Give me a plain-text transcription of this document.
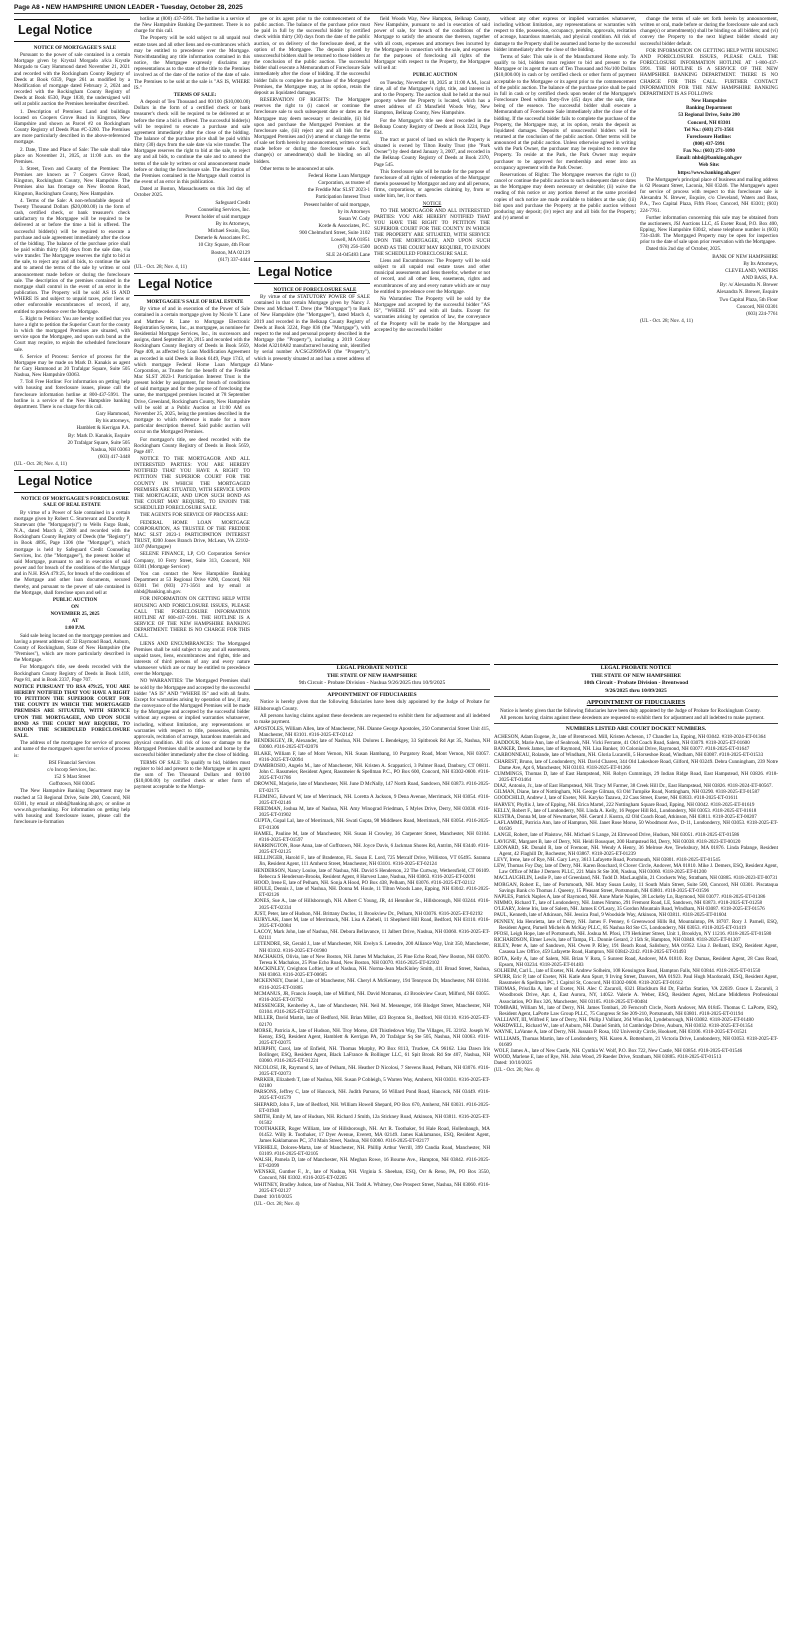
Page A8 • NEW HAMPSHIRE UNION LEADER • Tuesday, October 28, 2025
Legal Notice

NOTICE OF MORTGAGEE'S SALE

Pursuant to the power of sale contained in a certain Mortgage given by Krystal Morgado a/k/a Krystle Morgado to Gary Hammond dated November 21, 2021 and recorded with the Rockingham County Registry of Deeds at Book 6359, Page 261 as modified by a Modification of mortgage dated February 2, 2024 and recorded with the Rockingham County Registry of Deeds at Book 6530, Page 1830, the undersigned will sell at public auction the Premises hereinafter described.

1. Description of Premises: Land and buildings located on Coopers Grove Road in Kingston, New Hampshire and shown as Parcel #2 on Rockingham County Registry of Deeds Plan #C-3260. The Premises are more particularly described in the above-referenced mortgage.

2. Date, Time and Place of Sale: The sale shall take place on November 21, 2025, at 11:00 a.m. on the Premises.

3. Street, Town and County of the Premises: The Premises are known as 7 Coopers Grove Road, Kingston, Rockingham County, New Hampshire. The Premises also has frontage on New Boston Road, Kingston, Rockingham County, New Hampshire.

4. Terms of the Sale: A non-refundable deposit of Twenty Thousand Dollars ($20,000.00) in the form of cash, certified check, or bank treasurer's check satisfactory to the Mortgagee will be required to be delivered at or before the time a bid is offered. The successful bidder(s) will be required to execute a purchase and sale agreement immediately after the close of the bidding. The balance of the purchase price shall be paid within thirty (30) days from the sale date, via wire transfer. The Mortgagee reserves the right to bid at the sale, to reject any and all bids, to continue the sale and to amend the terms of the sale by written or oral announcement made before or during the foreclosure sale. The description of the premises contained in the mortgage shall control in the event of an error in the publication. The Property will be sold AS IS AND WHERE IS and subject to unpaid taxes, prior liens or other enforceable encumbrances of record, if any, entitled to precedence over the Mortgage.

5. Right to Petition: You are hereby notified that you have a right to petition the Superior Court for the county in which the mortgaged Premises are situated, with service upon the Mortgagee, and upon such bond as the Court may require, to enjoin the scheduled foreclosure sale.

6. Service of Process: Service of process for the Mortgagee may be made on Mark D. Kanakis as agent for Gary Hammond at 20 Trafalgar Square, Suite 505 Nashua, New Hampshire 03063.

7. Toll Free Hotline: For information on getting help with housing and foreclosure issues, please call the foreclosure information hotline at 800-437-5991. The hotline is a service of the New Hampshire banking department. There is no charge for this call.

Gary Hammond,

By his attorneys,

Hamblett & Kerrigan P.A.

By: Mark D. Kanakis, Esquire

20 Trafalgar Square, Suite 505

Nashua, NH 03063

(603) 417-3448

(UL - Oct. 28; Nov. 4, 11)

Legal Notice

NOTICE OF MORTGAGEE'S FORECLOSURE SALE OF REAL ESTATE

By virtue of a Power of Sale contained in a certain mortgage given by Robert C. Sturtevant and Dorothy P. Sturtevant (the "Mortgagor(s)") to Wells Fargo Bank, N.A., dated March 4, 2008 and recorded with the Rockingham County Registry of Deeds (the "Registry") in Book 4895, Page 1306 (the "Mortgage"), which mortgage is held by Safeguard Credit Counseling Services, Inc. (the "Mortgagee"), the present holder of said Mortgage, pursuant to and in execution of said power and for breach of the conditions of the Mortgage and in N.H. RSA 479:25, for breach of the conditions of the Mortgage and other loan documents, secured thereby, and pursuant to the power of sale contained in the Mortgage, shall foreclose upon and sell at

PUBLIC AUCTION

ON

NOVEMBER 25, 2025

AT

1:00 P.M.

Said sale being located on the mortgage premises and having a present address of: 32 Raymond Road, Auburn, County of Rockingham, State of New Hampshire (the "Premises"), which are more particularly described in the Mortgage.

For Mortgagor's title, see deeds recorded with the Rockingham County Registry of Deeds in Book 1418, Page 81, and in Book 2337, Page 707.

NOTICE PURSUANT TO RSA 479:25, YOU ARE HEREBY NOTIFIED THAT YOU HAVE A RIGHT TO PETITION THE SUPERIOR COURT FOR THE COUNTY IN WHICH THE MORTGAGED PREMISES ARE SITUATED, WITH SERVICE UPON THE MORTGAGEE, AND UPON SUCH BOND AS THE COURT MAY REQUIRE, TO ENJOIN THE SCHEDULED FORECLOSURE SALE.

The address of the mortgagee for service of process and name of the mortgagee's agent for service of process is:

BSI Financial Services

c/o Incorp Services, Inc.

152 S Mast Street

Goffstown, NH 03045

The New Hampshire Banking Department may be reached at 53 Regional Drive, Suite 200, Concord, NH 03301, by email at nhbd@banking.nh.gov, or online at www.nh.gov/banking. For information on getting help with housing and foreclosure issues, please call the foreclosure in-formation

hotline at (800) 437-5991. The hotline is a service of the New Hampshire Banking De-partment. There is no charge for this call.

The Property will be sold subject to all unpaid real estate taxes and all other liens and en-cumbrances which may be entitled to precedence over the Mortgage. Notwithstanding any title information contained in this notice, the Mortgagee expressly disclaims any representations as to the state of the title to the Premises involved as of the date of the notice of the date of sale. The Premises to be sold at the sale is "AS IS, WHERE IS."

TERMS OF SALE:

A deposit of Ten Thousand and 00/100 ($10,000.00) Dollars in the form of a certified check or bank treasurer's check will be required to be delivered at or before the time a bid is offered. The successful bidder(s) will be required to execute a purchase and sale agreement immediately after the close of the bidding. The balance of the purchase price shall be paid within thirty (30) days from the sale date via wire transfer. The Mortgagee reserves the right to bid at the sale, to reject any and all bids, to continue the sale and to amend the terms of the sale by written or oral announcement made before or during the foreclosure sale. The description of the Premises contained in the Mortgage shall control in the event of an error in this publication.

Dated at Boston, Massachusetts on this 3rd day of October 2025.

Safeguard Credit

Counseling Services, Inc.

Present holder of said mortgage

By its Attorneys,

Michael Swain, Esq.

Demerle & Associates P.C.

10 City Square, 4th Floor

Boston, MA 02129

(617) 337-4444

(UL - Oct. 28; Nov. 4, 11)

Legal Notice

MORTGAGEE'S SALE OF REAL ESTATE

By virtue of and in execution of the Power of Sale contained in a certain mortgage given by Nicole Y. Lane and Matthew R. Lane to Mortgage Electronic Registration Systems, Inc., as mortgagee, as nominee for Residential Mortgage Services, Inc., its successors and assigns, dated September 30, 2015 and recorded with the Rockingham County Registry of Deeds in Book 5659, Page 409, as affected by Loan Modification Agreement as recorded in said Deeds in Book 6149, Page 1743, of which mortgage Federal Home Loan Mortgage Corporation, as Trustee for the benefit of the Freddie Mac SLST 2023-1 Participation Interest Trust is the present holder by assignment, for breach of conditions of said mortgage and for the purpose of foreclosing the same, the mortgaged premises located at 78 September Drive, Greenland, Rockingham County, New Hampshire will be sold at a Public Auction at 11:00 AM on November 25, 2025, being the premises described in the mortgage to which reference is made for a more particular description thereof. Said public auction will occur on the Mortgaged Premises.

For mortgagor's title, see deed recorded with the Rockingham County Registry of Deeds in Book 5659, Page 407.

NOTICE TO THE MORTGAGOR AND ALL INTERESTED PARTIES: YOU ARE HEREBY NOTIFIED THAT YOU HAVE A RIGHT TO PETITION THE SUPERIOR COURT FOR THE COUNTY IN WHICH THE MORTGAGED PREMISES ARE SITUATED, WITH SERVICE UPON THE MORTGAGEE, AND UPON SUCH BOND AS THE COURT MAY REQUIRE, TO ENJOIN THE SCHEDULED FORECLOSURE SALE.

THE AGENTS FOR SERVICE OF PROCESS ARE:

FEDERAL HOME LOAN MORTGAGE CORPORATION, AS TRUSTEE OF THE FREDDIE MAC SLST 2023-1 PARTICIPATION INTEREST TRUST, 8200 Jones Branch Drive, McLean, VA 22102-3107 (Mortgagee)

SELENE FINANCE, LP, C/O Corporation Service Company, 10 Ferry Street, Suite 313, Concord, NH 03301 (Mortgage Servicer)

You can contact the New Hampshire Banking Department at 53 Regional Drive #200, Concord, NH 03301 Tel (603) 271-3561 and by email at nhbd@banking.nh.gov.

FOR INFORMATION ON GETTING HELP WITH HOUSING AND FORECLOSURE ISSUES, PLEASE CALL THE FORECLOSURE INFORMATION HOTLINE AT 800-437-5991. THE HOTLINE IS A SERVICE OF THE NEW HAMPSHIRE BANKING DEPARTMENT. THERE IS NO CHARGE FOR THIS CALL.

LIENS AND ENCUMBRANCES: The Mortgaged Premises shall be sold subject to any and all easements, unpaid taxes, liens, encumbrances and rights, title and interests of third persons of any and every nature whatsoever which are or may be entitled to precedence over the Mortgage.

NO WARRANTIES: The Mortgaged Premises shall be sold by the Mortgagee and accepted by the successful bidder "AS IS" AND "WHERE IS" and with all faults. Except for warranties arising by operation of law, if any, the conveyance of the Mortgaged Premises will be made by the Mortgagee and accepted by the successful bidder without any express or implied warranties whatsoever, including, without limitation, any representations or warranties with respect to title, possession, permits, approvals, recitation of acreage, hazardous materials and physical condition. All risk of loss or damage to the Mortgaged Premises shall be assumed and borne by the successful bidder immediately after the close of bidding.

TERMS OF SALE: To qualify to bid, bidders must register to bid and present to the Mortgagee or its agent the sum of Ten Thousand Dollars and 00/100 ($10,000.00) by certified check or other form of payment acceptable to the Mortga-

gee or its agent prior to the commencement of the public auction. The balance of the purchase price must be paid in full by the successful bidder by certified check within thirty (30) days from the date of the public auction, or on delivery of the foreclosure deed, at the option of the Mortgagee. The deposits placed by unsuccessful bidders shall be returned to those bidders at the conclusion of the public auction. The successful bidder shall execute a Memorandum of Foreclosure Sale immediately after the close of bidding. If the successful bidder fails to complete the purchase of the Mortgaged Premises, the Mortgagee may, at its option, retain the deposit as liquidated damages.

RESERVATION OF RIGHTS: The Mortgagee reserves the right to (i) cancel or continue the foreclosure sale to such subsequent date or dates as the Mortgagee may deem necessary or desirable, (ii) bid upon and purchase the Mortgaged Premises at the foreclosure sale, (iii) reject any and all bids for the Mortgaged Premises and (iv) amend or change the terms of sale set forth herein by announcement, written or oral, made before or during the foreclosure sale. Such change(s) or amendment(s) shall be binding on all bidders.

Other terms to be announced at sale.

Federal Home Loan Mortgage

Corporation, as trustee of

the Freddie Mac SLST 2023-1

Participation Interest Trust

Present holder of said mortgage,

by its Attorneys

Susan W. Cody

Korde & Associates, P.C.

900 Chelmsford Street, Suite 3102

Lowell, MA 01851

(978) 256-1500

SLE 24-045483 Lane

Legal Notice

NOTICE OF FORECLOSURE SALE

By virtue of the STATUTORY POWER OF SALE contained in that certain Mortgage given by Nancy J. Drew and Michael T. Drew (the "Mortgagor") to Bank of New Hampshire (the "Mortgagee"), dated March 4, 2019 and recorded in the Belknap County Registry of Deeds at Book 3224, Page 836 (the "Mortgage"), with respect to the real and personal property described in the Mortgage (the "Property"), including a 2019 Colony Model A3210A82 manufactured housing unit, identified by serial number A/CSG29909A/B (the "Property"), which is presently situated at and has a street address of 43 Mans-

field Woods Way, New Hampton, Belknap County, New Hampshire, pursuant to and in execution of said power of sale, for breach of the conditions of the Mortgage to satisfy the amounts due thereon, together with all costs, expenses and attorneys fees incurred by the Mortgagee in connection with the sale, and expenses for the purposes of foreclosing all rights of the Mortgagor with respect to the Property, the Mortgagee will sell at:

PUBLIC AUCTION

on Tuesday, November 18, 2025 at 11:00 A.M., local time, all of the Mortgagee's right, title, and interest in and to the Property. The auction shall be held at the real property where the Property is located, which has a street address of 43 Mansfield Woods Way, New Hampton, Belknap County, New Hampshire.

For the Mortgagor's title see deed recorded in the Belknap County Registry of Deeds at Book 3224, Page 834.

The tract or parcel of land on which the Property is situated is owned by Tilton Realty Trust (the "Park Owner") by deed dated January 3, 2007, and recorded in the Belknap County Registry of Deeds at Book 2370, Page 545.

This foreclosure sale will be made for the purpose of foreclosure of all rights of redemption of the Mortgagor therein possessed by Mortgagor and any and all persons, firms, corporations, or agencies claiming by, from or under him, her, it or them.

NOTICE

TO THE MORTGAGOR AND ALL INTERESTED PARTIES: YOU ARE HEREBY NOTIFIED THAT YOU HAVE THE RIGHT TO PETITION THE SUPERIOR COURT FOR THE COUNTY IN WHICH THE PROPERTY ARE SITUATED, WITH SERVICE UPON THE MORTGAGEE, AND UPON SUCH BOND AS THE COURT MAY REQUIRE, TO ENJOIN THE SCHEDULED FORECLOSURE SALE.

Liens and Encumbrances: The Property will be sold subject to all unpaid real estate taxes and other municipal assessments and liens therefor, whether or not of record, and all other liens, easements, rights and encumbrances of any and every nature which are or may be entitled to precedence over the Mortgage.

No Warranties: The Property will be sold by the Mortgagee and accepted by the successful bidder "AS IS", "WHERE IS" and with all faults. Except for warranties arising by operation of law, the conveyance of the Property will be made by the Mortgagee and accepted by the successful bidder

without any other express or implied warranties whatsoever, including without limitation, any representations or warranties with respect to title, possession, occupancy, permits, approvals, recitation of acreage, hazardous materials, and physical condition. All risk of damage to the Property shall be assumed and borne by the successful bidder immediately after the close of the bidding.

Terms of Sale: This sale is of the Manufactured Home only. To qualify to bid, bidders must register to bid and present to the Mortgagee or its agent the sum of Ten Thousand and No/100 Dollars ($10,000.00) in cash or by certified check or other form of payment acceptable to the Mortgagee or its agent prior to the commencement of the public auction. The balance of the purchase price shall be paid in full in cash or by certified check upon tender of the Mortgagee's Foreclosure Deed within forty-five (45) days after the sale, time being of the essence. The successful bidder shall execute a Memorandum of Foreclosure Sale immediately after the close of the bidding. If the successful bidder fails to complete the purchase of the Property, the Mortgagee may, at its option, retain the deposit as liquidated damages. Deposits of unsuccessful bidders will be returned at the conclusion of the public auction. Other terms will be announced at the public auction. Unless otherwise agreed in writing with the Park Owner, the purchaser may be required to remove the Property. To reside at the Park, the Park Owner may require purchaser to be approved for membership and enter into an occupancy agreement with the Park Owner.

Reservations of Rights: The Mortgagee reserves the right to (i) cancel or continue the public auction to such subsequent date or dates as the Mortgagee may deem necessary or desirable; (ii) waive the reading of this notice or any portion thereof at the same provided copies of such notice are made available to bidders at the sale; (iii) bid upon and purchase the Property at the public auction without producing any deposit; (iv) reject any and all bids for the Property; and (v) amend or

change the terms of sale set forth herein by announcement, written or oral, made before or during the foreclosure sale and such change(s) or amendment(s) shall be binding on all bidders; and (vi) convey the Property to the next highest bidder should any successful bidder default.

FOR INFORMATION ON GETTING HELP WITH HOUSING AND FORECLOSURE ISSUES, PLEASE CALL THE FORECLOSURE INFORMATION HOTLINE AT 1-800-437-5991. THE HOTLINE IS A SERVICE OF THE NEW HAMPSHIRE BANKING DEPARTMENT. THERE IS NO CHARGE FOR THIS CALL. FURTHER CONTACT INFORMATION FOR THE NEW HAMPSHIRE BANKING DEPARTMENT IS AS FOLLOWS:

New Hampshire

Banking Department

53 Regional Drive, Suite 200

Concord, NH 03301

Tel No.: (603) 271-3561

Foreclosure Hotline:

(800) 437-5991

Fax No.: (603) 271-1090

Email: nhbd@banking.nh.gov

Web Site:

https://www.banking.nh.gov/

The Mortgagee's principal place of business and mailing address is 62 Pleasant Street, Laconia, NH 03246. The Mortgagee's agent for service of process with respect to this foreclosure sale is Alexandra N. Brewer, Esquire, c/o Cleveland, Waters and Bass, P.A., Two Capital Plaza, Fifth Floor, Concord, NH 03301; (603) 224-7761.

Further information concerning this sale may be obtained from the auctioneers, JSJ Auctions LLC, 45 Exeter Road, P.O. Box 400, Epping, New Hampshire 03042, whose telephone number is (603) 734-4348. The Mortgaged Property may be open for inspection prior to the date of sale upon prior reservation with the Mortgagee.

Dated this 2nd day of October, 2025.

BANK OF NEW HAMPSHIRE

By Its Attorneys,

CLEVELAND, WATERS

AND BASS, P.A.

By: /s/ Alexandra N. Brewer

Alexandra N. Brewer, Esquire

Two Capital Plaza, 5th Floor

Concord, NH 03301

(603) 224-7761

(UL - Oct. 28; Nov. 4, 11)

LEGAL PROBATE NOTICE

THE STATE OF NEW HAMPSHIRE

9th Circuit - Probate Division - Nashua 9/26/2025 thru 10/9/2025

APPOINTMENT OF FIDUCIARIES

Notice is hereby given that the following fiduciaries have been duly appointed by the Judge of Probate for Hillsborough County.

All persons having claims against these decedents are requested to exhibit them for adjustment and all indebted to make payment.

APOSTOLES, William Allen, late of Manchester, NH. Dianne George Apostoles, 250 Commercial Street Unit 415, Manchester, NH 03101. #316-2025-ET-02142
BENDEKGEY, JR, Alexander, late of Nashua, NH. Dolores L Bendekgey, 33 Spitbrook Rd Apt 35, Nashua, NH 03060. #316-2025-ET-02076
BLAKE, William F, late of Mont Vernon, NH. Susan Hambang, 10 Purgatory Road, Mont Vernon, NH 03057. #316-2025-ET-02094
D'AMBROSIO, Angelo M., late of Manchester, NH. Kristen A. Scappaticci, 3 Palmer Road, Danbury, CT 06811. John C. Rassmeier, Resident Agent, Rassmeier & Spellman P.C., PO Box 600, Concord, NH 03302-0600. #316-2025-ET-01786
DROWNE, Marjorie, late of Manchester, NH. June D McNally, 147 North Road, Sandown, NH 03873. #316-2025-ET-02175
FLEMING, Edward W, late of Merrimack, NH. Loretta A Jackson, 9 Dena Avenue, Merrimack, NH 03054. #316-2025-ET-02146
FRIEDMAN, Joshua M, late of Nashua, NH. Amy Winograd Friedman, 5 Myles Drive, Derry, NH 03038. #316-2025-ET-01902
GUPTA, Gopal Lal, late of Merrimack, NH. Swati Gupta, 98 Middlesex Road, Merrimack, NH 03054. #316-2025-ET-01306
HAMEL, Pauline M, late of Manchester, NH. Susan H Crowley, 36 Carpenter Street, Manchester, NH 03104. #316-2025-ET-01597
HARRINGTON, Rose Anna, late of Goffstown, NH. Joyce Davis, 6 Jackman Shores Rd, Antrim, NH 03440. #316-2025-ET-02125
HELLINGER, Harold F., late of Bradenton, FL. Susan E. Lord, 725 Metcalf Drive, Williston, VT 05495. Saranna Jin, Resident Agent, 111 Amherst Street, Manchester, NH 03101. #316-2025-ET-02124
HENDERSON, Nancy Louise, late of Nashua, NH. David S Henderson, 22 The Curtway, Wethersfield, CT 06109. Rebecca S Henderson-Brooks, Resident Agent, 8 Harvest Lane, Nashua, NH 03063. #316-2025-ET-02091
HOOD, Irene E, late of Pelham, NH. Sonja A Hood, PO Box 438, Pelham, NH 03076. #316-2025-ET-02112
HOULE, Dennis J., late of Nashua, NH. Donna M. Houle, 11 Tilton Woods Lane, Epping, NH 03042. #316-2025-ET-02126
JONES, Sue A., late of Hillsborough, NH. Albert C Young, JR, 44 Henniker St., Hillsborough, NH 03244. #316-2025-ET-02334
JUST, Peter, late of Hudson, NH. Brittany Duclos, 11 Brookview Dr., Pelham, NH 03076. #316-2025-ET-02192
KURYLAK, Janet M, late of Merrimack, NH. Lisa A Ziebell, 11 Shepherd Hill Road, Bedford, NH 03110. #316-2025-ET-02084
LACOY, Mark John, late of Nashua, NH. Debora Bellavance, 11 Jalbert Drive, Nashua, NH 03060. #316-2025-ET-02111
LETENDRE, SR, Gerald J., late of Manchester, NH. Evelyn S. Letendre, 200 Alliance Way, Unit 350, Manchester, NH 03102. #316-2025-ET-01980
MACHAKOS, Olivia, late of New Boston, NH. James M Machakos, 25 Pine Echo Road, New Boston, NH 03070. Teresa K Machakos, 25 Pine Echo Road, New Boston, NH 03070. #316-2025-ET-02102
MACKINLEY, Creighton Loftier, late of Nashua, NH. Norma-Jean MacKinley Smith, 411 Broad Street, Nashua, NH 03063. #316-2025-ET-00605
MCKENNEY, Daniel J., late of Manchester, NH. Cheryl A McKenney, 194 Tennyson Dr, Manchester, NH 03104. #316-2025-ET-01885
MCMANUS, JR, Francis Joseph, late of Milford, NH. David Mcmanus, 43 Brookview Court, Milford, NH 03055. #316-2025-ET-01792
MESSENGER, Kenberley A., late of Manchester, NH. Neil M. Messenger, 166 Blodget Street, Manchester, NH 03104. #316-2025-ET-02138
MILLER, David Martin, late of Bedford, NH. Brian Miller, 423 Boynton St., Bedford, NH 03110. #316-2025-ET-02170
MORSE, Patricia A., late of Hudson, NH. Troy Morse, 420 Thistledown Way, The Villages, FL 32162. Joseph W. Kenny, ESQ, Resident Agent, Hamblett & Kerrigan PA, 20 Trafalgar Sq Ste 505, Nashua, NH 03063. #316-2025-ET-02075
MURPHY, Carol, late of Enfield, NH. Thomas Murphy, PO Box 8113, Truckee, CA 96162. Lisa Dawn Iris Bollinger, ESQ, Resident Agent, Black LaFrance & Bollinger LLC, 61 Spit Brook Rd Ste 407, Nashua, NH 03060. #316-2025-ET-01224
NICOLOSI, JR, Raymond S, late of Pelham, NH. Heather D Nicolosi, 7 Stevens Road, Pelham, NH 03076. #316-2025-ET-02073
PARKER, Elizabeth T, late of Nashua, NH. Susan P Cobleigh, 5 Warren Way, Amherst, NH 03031. #316-2025-ET-02180
PARSONS, Jeffrey C, late of Hancock, NH. Judith Parsons, 56 Willard Pond Road, Hancock, NH 03449. #316-2025-ET-01579
SHEPARD, John F., late of Bedford, NH. William Howell Shepard, PO Box 670, Amherst, NH 03031. #316-2025-ET-01940
SMITH, Emily M, late of Hudson, NH. Richard J Smith, 12a Stickney Road, Atkinson, NH 03811. #316-2025-ET-01502
TOOTHAKER, Roger William, late of Hillsborough, NH. Art R. Toothaker, 94 Hale Road, Hollenbaugh, MA 01452. Willy R. Toothaker, 17 Dyer Avenue, Everett, MA 02149. James Kaklamanos, ESQ, Resident Agent, James Kaklamanos PC, 374 Main Street, Nashua, NH 03060. #316-2025-ET-02177
VERHELE, Dolores-Marta, late of Manchester, NH. Phillip Arthur Verrill, 399 Candia Road, Manchester, NH 03109. #316-2025-ET-02105
WALSH, Pamela D, late of Manchester, NH. Meghan Rowe, 16 Bourne Ave., Hampton, NH 03842. #316-2025-ET-02099
WENSKE, Gunther F., Jr., late of Nashua, NH. Virginia S. Sheehan, ESQ, Orr & Reno, PA, PO Box 3550, Concord, NH 03302. #316-2025-ET-02205
WHITNEY, Bradley Judson, late of Nashua, NH. Todd A. Whitney, One Prospect Street, Nashua, NH 03060. #316-2025-ET-02127

Dated: 10/10/2025

(UL - Oct. 28; Nov. 4)

LEGAL PROBATE NOTICE

THE STATE OF NEW HAMPSHIRE

10th Circuit - Probate Division - Brentwood

9/26/2025 thru 10/09/2025

APPOINTMENT OF FIDUCIARIES

Notice is hereby given that the following fiduciaries have been duly appointed by the Judge of Probate for Rockingham County.

All persons having claims against these decedents are requested to exhibit them for adjustment and all indebted to make payment.

NUMBERS LISTED ARE COURT DOCKET NUMBERS.

ACHESON, Adam Eugene, Jr., late of Brentwood. Mill, Kristen Acheson, 17 Chandler Ln, Epping, NH 03042. #318-2024-ET-01364
BADDOUR, Marie Ann, late of Seabrook, NH. Vicki Ferrante, 41 Old Coach Road, Salem, NH 03079. #318-2025-ET-01600
BANKER, Derek James, late of Raymond, NH. Lisa Banker, 10 Colonial Drive, Raymond, NH 03077. #318-2025-ET-01647
CARBONNEAU, Rolande, late of Windham, NH. Gloria Lucarelli, 5 Horseshoe Road, Windham, NH 03087. #318-2025-ET-01533
CHAREST, Bruno, late of Londonderry, NH. David Charest, 344 Old Lakeshore Road, Gilford, NH 03249. Debra Cunningham, 239 Notre Dame Ave, Apt 6, Manchester, NH 03103. #318-2025-ET-01266
CUMMINGS, Thomas D, late of East Hampstead, NH. Robyn Cummings, 29 Indian Ridge Road, East Hampstead, NH 03826. #318-2025-ET-01464
DIAZ, Antonio, Jr., late of East Hampstead, NH. Tracy M Farmer, 38 Creek Hill Dr., East Hampstead, NH 03826. #318-2024-ET-00567.
GILMAN, Diane, late of Nottingham, NH. George Gilman, 63 Old Turnpike Road, Nottingham, NH 03290. #318-2025-ET-01587
GOODCHILD, Andrew J, late of Exeter, NH. Karyko Tazawa, 22 Cass Street, Exeter, NH 03833. #318-2025-ET-01611
HARVEY, Phyllis J, late of Epping, NH. Erica Martel, 222 Nottingham Square Road, Epping, NH 03042. #318-2025-ET-01619
KELLY, Robert F., late of Londonderry, NH. Linda A. Kelly, 16 Pepper Hill Rd., Londonderry, NH 03053. #318-2025-ET-01618
KUSTRA, Donna M, late of Newmarket, NH. Gerard J. Kustra, 42 Old Coach Road, Atkinson, NH 03811. #318-2025-ET-00207
LAFLAMME, Patricia Ann, late of Hampton, NH. Janet Rose Morse, 50 Woodmont Ave., D-11, Londonderry, NH 03053. #318-2025-ET-01636
LANGE, Robert, late of Plaistow, NH. Michael S Lange, 24 Elmwood Drive, Hudson, NH 03051. #318-2025-ET-01586
LAVIGNE, Margaret B, late of Derry, NH. Heidi Bousquet, 200 Hampstead Rd, Derry, NH 03038. #318-2023-ET-00120
LEONARD, SR. Donald R, late of Fremont, NH. Wendy A Henry, 36 Melrose Ave, Tewksbury, MA 01876. Linda Palange, Resident Agent, 42 Flaghill Dr, Rochester, NH 03867. #318-2025-ET-01239
LEVY, Irene, late of Rye, NH. Gary Levy, 3613 Lafayette Road, Portsmouth, NH 03801. #318-2025-ET-01545
LEW, Thomas Foy Day, late of Derry, NH. Karen Bouchard, 8 Clover Circle, Andover, MA 01810. Mike J. Demers, ESQ, Resident Agent, Law Office of Mike J Demers PLLC, 221 Main St Ste 300, Nashua, NH 03060. #318-2025-ET-01200
MACLAUGHLIN, Leslie P., late of Greenland, NH. Todd D. MacLaughlin, 21 Crockerts Way, Stratham, NH 03885. #318-2023-ET-00731
MORGAN, Robert E., late of Portsmouth, NH. Mary Susan Leahy, 11 South Main Street, Suite 500, Concord, NH 03301. Piscataqua Savings Bank c/o Thomas J. Queeny, 15 Pleasant Street, Portsmouth, NH 03801. #318-2025-ET-01596
NAPLES, Patrick Naples A, late of Raymond, NH. Anne Marie Naples, 38 Lockeby Ln, Raymond, NH 03077. #318-2025-ET-01386
NIMMO, Richard T., late of Londonderry, NH. James Nimmo, 291 Fremont Road, LE, Sandown, NH 03873. #318-2025-ET-01258
O'LEARY, Jolene Iris, late of Salem, NH. James E O'Leary, 35 Gordon Mountain Road, Windham, NH 03087. #318-2025-ET-01576
PAUL, Kenneth, late of Atkinson, NH. Jessica Paul, 9 Woodside Way, Atkinson, NH 03811. #318-2025-ET-01604
PENNEY, Ida Henrietta, late of Derry, NH. James F. Penney, 6 Greenwood Hills Rd, Mountaintop, PA 18707. Rory J. Parnell, ESQ, Resident Agent, Parnell Michels & McKay PLLC, 85 Nashua Rd Ste C5, Londonderry, NH 03053. #318-2025-ET-01419
PFOSI, Leigh Hope, late of Portsmouth, NH. Joshua M. Pfosi, 179 Herkimer Street, Unit 1, Brooklyn, NY 11216. #318-2025-ET-01580
RICHARDSON, Elmer Lewis, late of Tampa, FL. Donnie Gerard, 2 15th St, Hampton, NH 03848. #318-2025-ET-01307
RILEY, Peter A, late of Sandown, NH. Owen P. Riley, 191 Beach Road, Salisbury, MA 01952. Lisa J. Bellanti, ESQ, Resident Agent, Casassa Law Office, 459 Lafayette Road, Hampton, NH 03842-2242. #318-2025-ET-01493
ROTA, Kelly A, late of Salem, NH. Brian V Rota, 5 Sunrest Road, Andover, MA 01810. Roy Dumas, Resident Agent, 28 Cass Road, Epsom, NH 03234. #318-2025-ET-01483
SOLHEIM, Carl L., late of Exeter, NH. Andrew Solheim, 108 Kensington Road, Hampton Falls, NH 03844. #318-2025-ET-01550
SPURR, Eric P, late of Exeter, NH. Katie Ann Spurr, 9 Irving Street, Danvers, MA 01923. Paul Hugh Macdonald, ESQ, Resident Agent, Rassmeier & Spellman PC, 1 Capitol St, Concord, NH 03302-0600. #318-2025-ET-01612
THOMAS, Priscilla A, late of Exeter, NH. Alec C Zacaroli, 6321 Blackburn Rd Dr, Fairfax Station, VA 22039. Grace L Zacaroli, 3 Woodbrook Drive, Apt. 4, East Aurora, NY, 14052. Valerie A. Weber, ESQ, Resident Agent, McLane Middleton Professional Association, PO Box 326, Manchester, NH 03105. #318-2025-ET-00484
TOMBARI, William M., late of Derry, NH. James Tombari, 20 Ferncroft Circle, North Andover, MA 01845. Thomas C. LaPorte, ESQ, Resident Agent, LaPorte Law Group PLLC, 75 Congress St Ste 209-210, Portsmouth, NH 03801. #318-2025-ET-01194
VALLIANT, III, Wilfred F, late of Derry, NH. Philip J Valliant, 264 Winn Rd, Lyndeborough, NH 03082. #318-2025-ET-01480
WARDWELL, Richard W., late of Auburn, NH. Daniel Smith, 14 Cambridge Drive, Auburn, NH 03032. #318-2025-ET-01354
WAYNE, LaVanne A, late of Derry, NH. Jussara P. Rosa, 102 University Circle, Hooksett, NH 03106. #318-2025-ET-01521
WILLIAMS, Thomas Martin, late of Londonderry, NH. Karen A. Bottenhorn, 21 Victoria Drive, Londonderry, NH 03053. #318-2025-ET-01609
WOLF, James A., late of New Castle, NH. Cynthia W. Wolf, P.O. Box 722, New Castle, NH 03854. #318-2025-ET-01546
WOOD, Marlene E, late of Rye, NH. John Wood, 29 Raeder Drive, Stratham, NH 03885. #318-2025-ET-01513

Dated: 10/10/2025

(UL - Oct. 28; Nov. 4)
